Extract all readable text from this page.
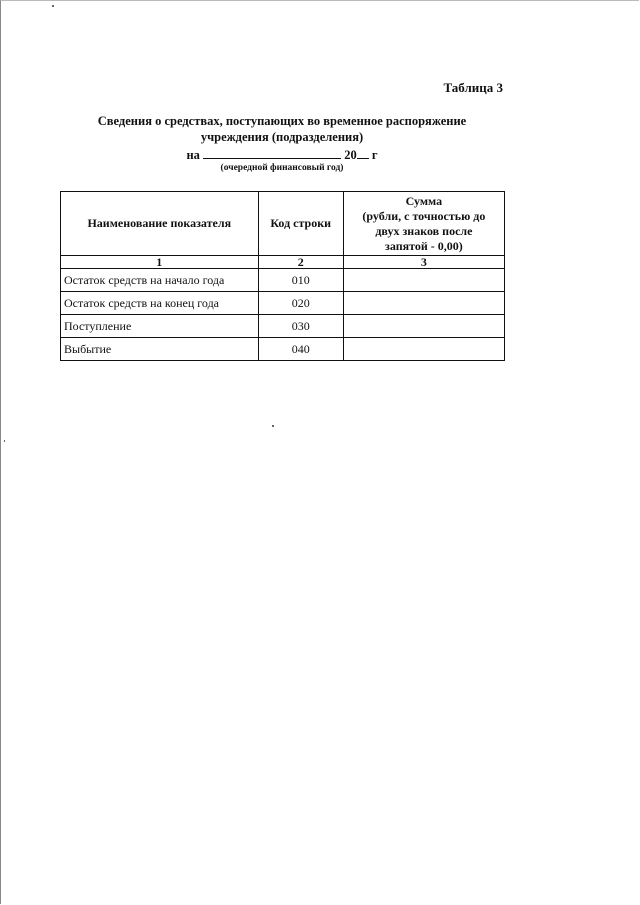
Таблица 3
Сведения о средствах, поступающих во временное распоряжение
учреждения (подразделения)
на	20 г
(очередной финансовый год)
Наименование показателя	Код строки	Сумма
(рубли, с точностью до
двух знаков после
запятой - 0,00)

1	2	3
Остаток средств на начало года	010	
Остаток средств на конец года	020	
Поступление	030	
Выбытие	040	
